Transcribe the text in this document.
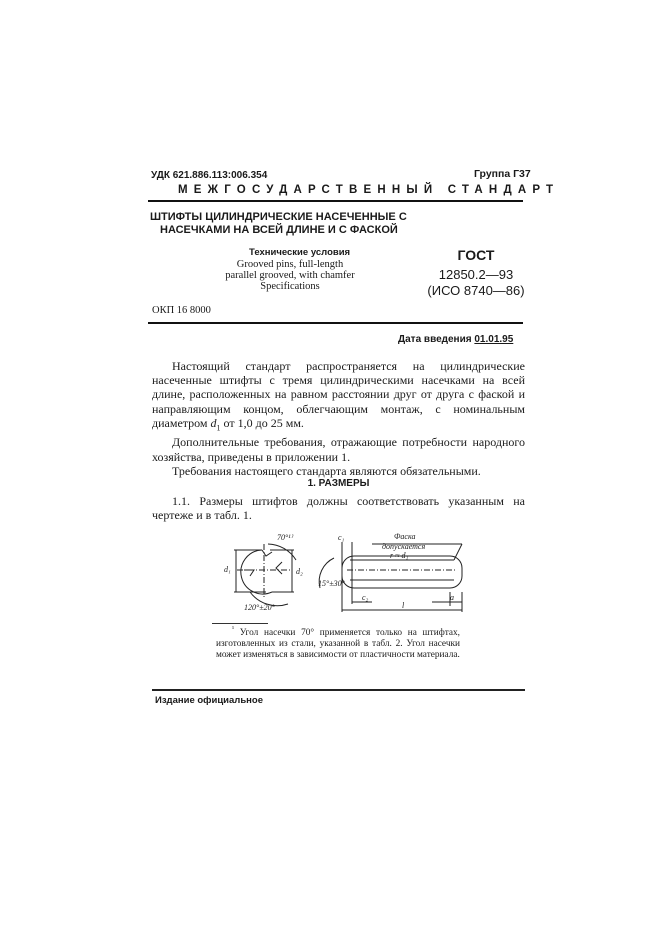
УДК 621.886.113:006.354	Группа Г37
МЕЖГОСУДАРСТВЕННЫЙ СТАНДАРТ
ШТИФТЫ ЦИЛИНДРИЧЕСКИЕ НАСЕЧЕННЫЕ С
НАСЕЧКАМИ НА ВСЕЙ ДЛИНЕ И С ФАСКОЙ
Технические условия
Grooved pins, full-length
parallel grooved, with chamfer
Specifications
ГОСТ
12850.2—93
(ИСО 8740—86)
ОКП 16 8000
Дата введения 01.01.95

Настоящий стандарт распространяется на цилиндрические насеченные штифты с тремя цилиндрическими насечками на всей длине, расположенных на равном расстоянии друг от друга с фаской и направляющим концом, облегчающим монтаж, с номинальным диаметром $d_1$ от 1,0 до 25 мм.

Дополнительные требования, отражающие потребности народного хозяйства, приведены в приложении 1.

Требования настоящего стандарта являются обязательными.

1. РАЗМЕРЫ

1.1. Размеры штифтов должны соответствовать указанным на чертеже и в табл. 1.

70°¹⁾
120°±20°
d₁	d₂
Фаска
допускается
r ≈ d₁
c₁
c₂
15°±30°
a
l
$^{^1}$ Угол насечки 70° применяется только на штифтах, изготовленных из стали, указанной в табл. 2. Угол насечки может изменяться в зависимости от пластичности материала.
Издание официальное
